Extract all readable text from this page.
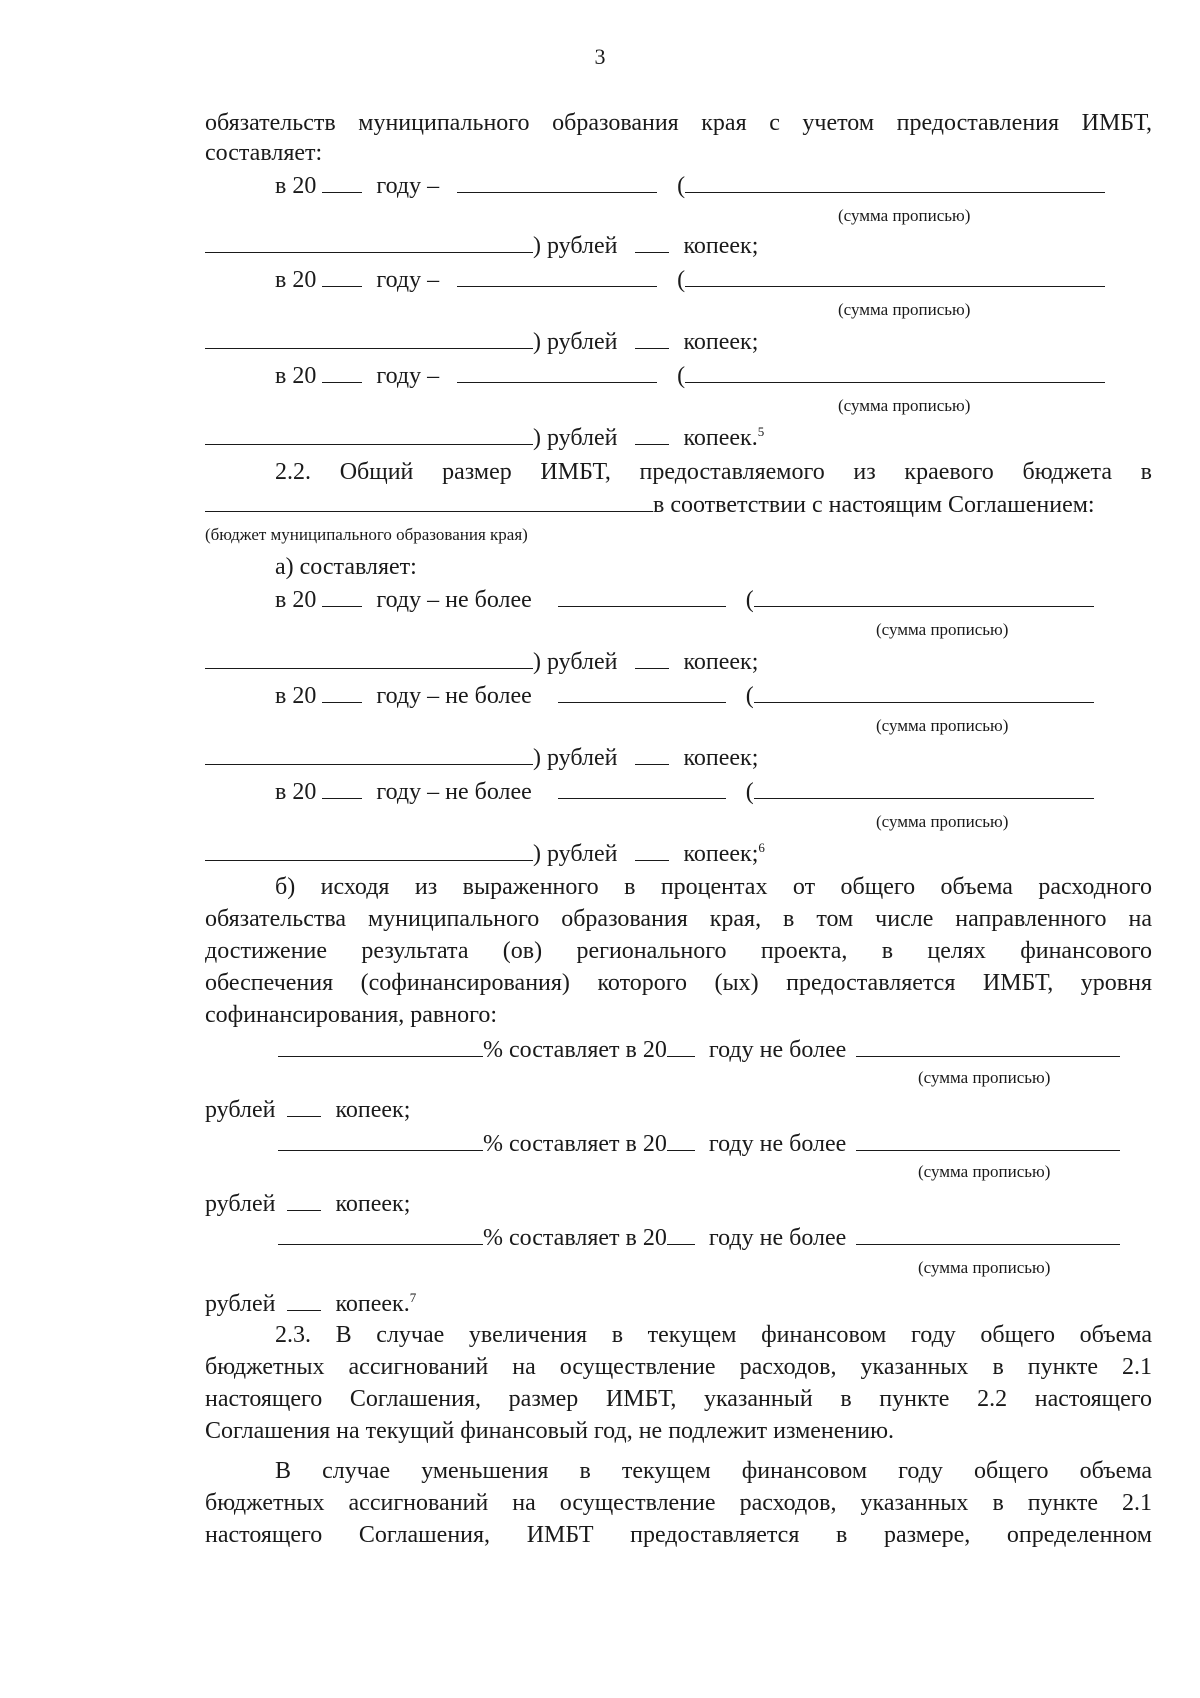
3
обязательств муниципального образования края с учетом предоставления ИМБТ,
составляет:
в 20	году –	(
(сумма прописью)
) рублей	копеек;
в 20	году –	(
(сумма прописью)
) рублей	копеек;
в 20	году –	(
(сумма прописью)
) рублей	копеек.$^5$
2.2. Общий размер ИМБТ, предоставляемого из краевого бюджета в
в соответствии с настоящим Соглашением:
(бюджет муниципального образования края)
а) составляет:
в 20	году – не более	(
(сумма прописью)
) рублей	копеек;
в 20	году – не более	(
(сумма прописью)
) рублей	копеек;
в 20	году – не более	(
(сумма прописью)
) рублей	копеек;$^6$
б) исходя из выраженного в процентах от общего объема расходного
обязательства муниципального образования края, в том числе направленного на
достижение результата (ов) регионального проекта, в целях финансового
обеспечения (софинансирования) которого (ых) предоставляется ИМБТ, уровня
софинансирования, равного:
% составляет в 20 году не более
(сумма прописью)
рублей	копеек;
% составляет в 20 году не более
(сумма прописью)
рублей	копеек;
% составляет в 20 году не более
(сумма прописью)
рублей	копеек.$^7$
2.3. В случае увеличения в текущем финансовом году общего объема
бюджетных ассигнований на осуществление расходов, указанных в пункте 2.1
настоящего Соглашения, размер ИМБТ, указанный в пункте 2.2 настоящего
Соглашения на текущий финансовый год, не подлежит изменению.
В случае уменьшения в текущем финансовом году общего объема
бюджетных ассигнований на осуществление расходов, указанных в пункте 2.1
настоящего Соглашения, ИМБТ предоставляется в размере, определенном
